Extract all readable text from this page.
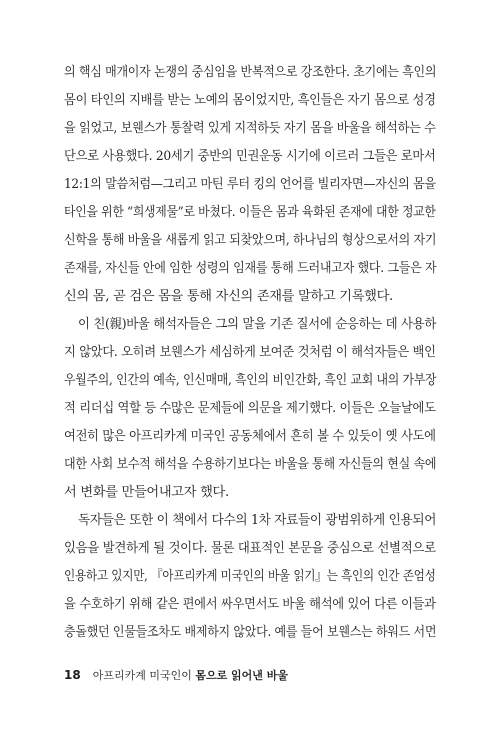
의 핵심 매개이자 논쟁의 중심임을 반복적으로 강조한다. 초기에는 흑인의
몸이 타인의 지배를 받는 노예의 몸이었지만, 흑인들은 자기 몸으로 성경
을 읽었고, 보웬스가 통찰력 있게 지적하듯 자기 몸을 바울을 해석하는 수
단으로 사용했다. 20세기 중반의 민권운동 시기에 이르러 그들은 로마서
12:1의 말씀처럼—그리고 마틴 루터 킹의 언어를 빌리자면—자신의 몸을
타인을 위한 “희생제물”로 바쳤다. 이들은 몸과 육화된 존재에 대한 정교한
신학을 통해 바울을 새롭게 읽고 되찾았으며, 하나님의 형상으로서의 자기
존재를, 자신들 안에 임한 성령의 임재를 통해 드러내고자 했다. 그들은 자
신의 몸, 곧 검은 몸을 통해 자신의 존재를 말하고 기록했다.
이 친(親)바울 해석자들은 그의 말을 기존 질서에 순응하는 데 사용하
지 않았다. 오히려 보웬스가 세심하게 보여준 것처럼 이 해석자들은 백인
우월주의, 인간의 예속, 인신매매, 흑인의 비인간화, 흑인 교회 내의 가부장
적 리더십 역할 등 수많은 문제들에 의문을 제기했다. 이들은 오늘날에도
여전히 많은 아프리카계 미국인 공동체에서 흔히 볼 수 있듯이 옛 사도에
대한 사회 보수적 해석을 수용하기보다는 바울을 통해 자신들의 현실 속에
서 변화를 만들어내고자 했다.
독자들은 또한 이 책에서 다수의 1차 자료들이 광범위하게 인용되어
있음을 발견하게 될 것이다. 물론 대표적인 본문을 중심으로 선별적으로
인용하고 있지만, 『아프리카계 미국인의 바울 읽기』는 흑인의 인간 존엄성
을 수호하기 위해 같은 편에서 싸우면서도 바울 해석에 있어 다른 이들과
충돌했던 인물들조차도 배제하지 않았다. 예를 들어 보웬스는 하워드 서먼
18 아프리카계 미국인이 몸으로 읽어낸 바울
